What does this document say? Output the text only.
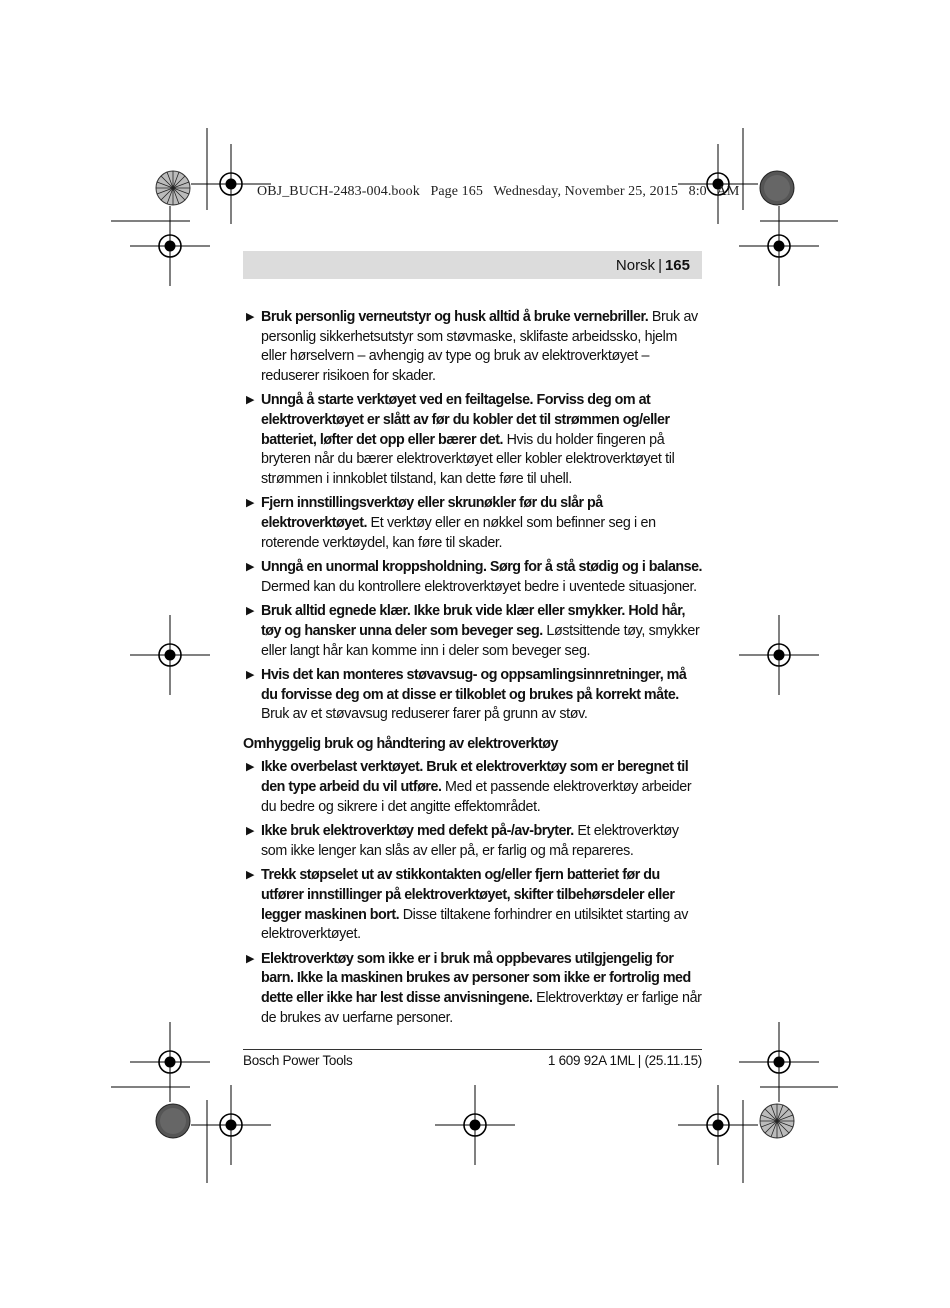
OBJ_BUCH-2483-004.book Page 165 Wednesday, November 25, 2015 8:0 AM
Norsk | 165
▶ Bruk personlig verneutstyr og husk alltid å bruke vernebriller. Bruk av personlig sikkerhetsutstyr som støvmaske, sklifaste arbeidssko, hjelm eller hørselvern – avhengig av type og bruk av elektroverktøyet – reduserer risikoen for skader.
▶ Unngå å starte verktøyet ved en feiltagelse. Forviss deg om at elektroverktøyet er slått av før du kobler det til strømmen og/eller batteriet, løfter det opp eller bærer det. Hvis du holder fingeren på bryteren når du bærer elektroverktøyet eller kobler elektroverktøyet til strømmen i innkoblet tilstand, kan dette føre til uhell.
▶ Fjern innstillingsverktøy eller skrunøkler før du slår på elektroverktøyet. Et verktøy eller en nøkkel som befinner seg i en roterende verktøydel, kan føre til skader.
▶ Unngå en unormal kroppsholdning. Sørg for å stå stødig og i balanse. Dermed kan du kontrollere elektroverktøyet bedre i uventede situasjoner.
▶ Bruk alltid egnede klær. Ikke bruk vide klær eller smykker. Hold hår, tøy og hansker unna deler som beveger seg. Løstsittende tøy, smykker eller langt hår kan komme inn i deler som beveger seg.
▶ Hvis det kan monteres støvavsug- og oppsamlingsinnretninger, må du forvisse deg om at disse er tilkoblet og brukes på korrekt måte. Bruk av et støvavsug reduserer farer på grunn av støv.
Omhyggelig bruk og håndtering av elektroverktøy
▶ Ikke overbelast verktøyet. Bruk et elektroverktøy som er beregnet til den type arbeid du vil utføre. Med et passende elektroverktøy arbeider du bedre og sikrere i det angitte effektområdet.
▶ Ikke bruk elektroverktøy med defekt på-/av-bryter. Et elektroverktøy som ikke lenger kan slås av eller på, er farlig og må repareres.
▶ Trekk støpselet ut av stikkontakten og/eller fjern batteriet før du utfører innstillinger på elektroverktøyet, skifter tilbehørsdeler eller legger maskinen bort. Disse tiltakene forhindrer en utilsiktet starting av elektroverktøyet.
▶ Elektroverktøy som ikke er i bruk må oppbevares utilgjengelig for barn. Ikke la maskinen brukes av personer som ikke er fortrolig med dette eller ikke har lest disse anvisningene. Elektroverktøy er farlige når de brukes av uerfarne personer.
Bosch Power Tools	1 609 92A 1ML | (25.11.15)
